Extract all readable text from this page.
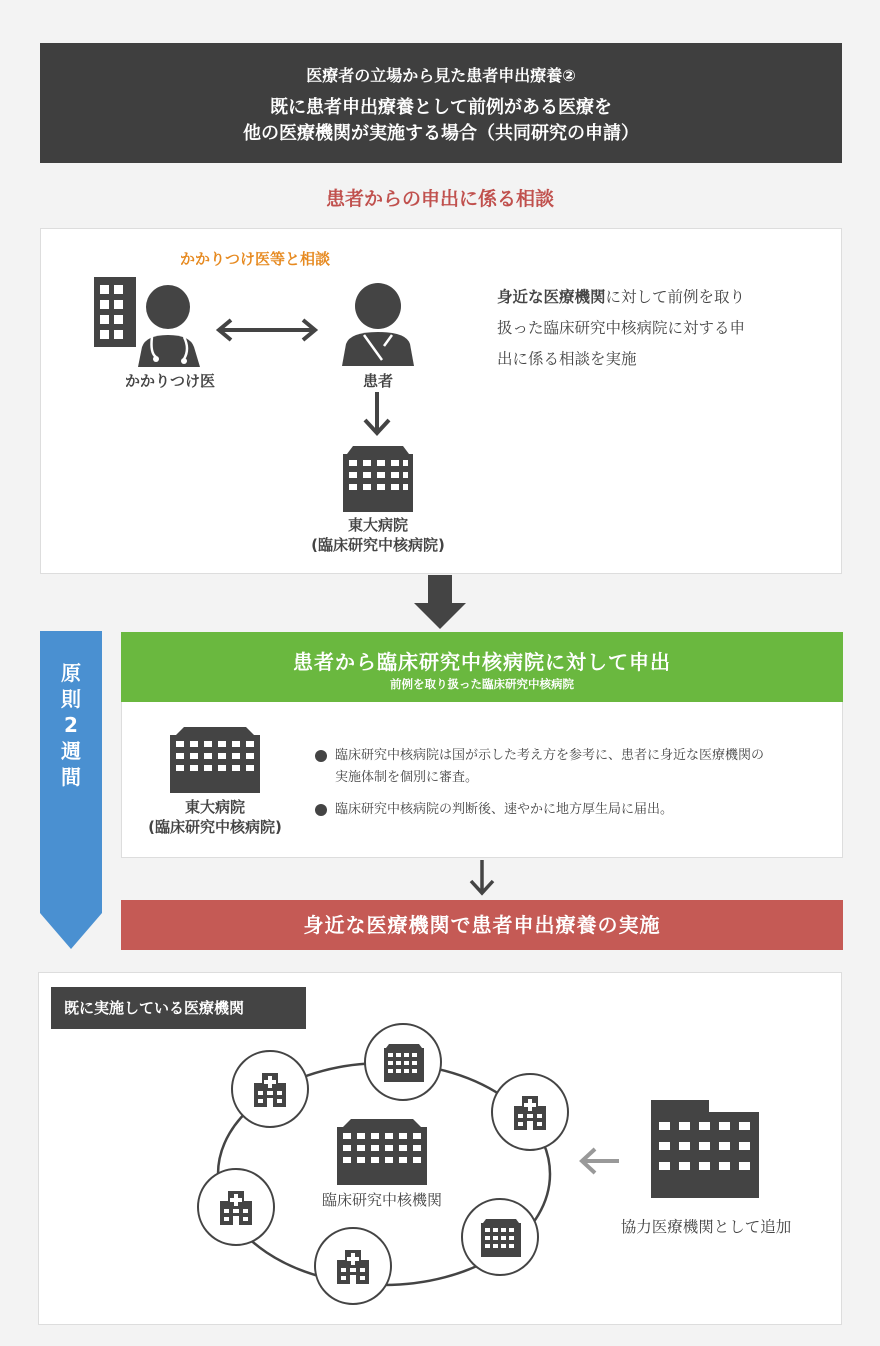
医療者の立場から見た患者申出療養②
既に患者申出療養として前例がある医療を
他の医療機関が実施する場合（共同研究の申請）
患者からの申出に係る相談
かかりつけ医等と相談
かかりつけ医	患者
東大病院
(臨床研究中核病院)
身近な医療機関に対して前例を取り
扱った臨床研究中核病院に対する申
出に係る相談を実施
原
則
2
週
間
患者から臨床研究中核病院に対して申出
前例を取り扱った臨床研究中核病院
東大病院
(臨床研究中核病院)
臨床研究中核病院は国が示した考え方を参考に、患者に身近な医療機関の
実施体制を個別に審査。
臨床研究中核病院の判断後、速やかに地方厚生局に届出。
身近な医療機関で患者申出療養の実施
既に実施している医療機関
臨床研究中核機関
協力医療機関として追加
